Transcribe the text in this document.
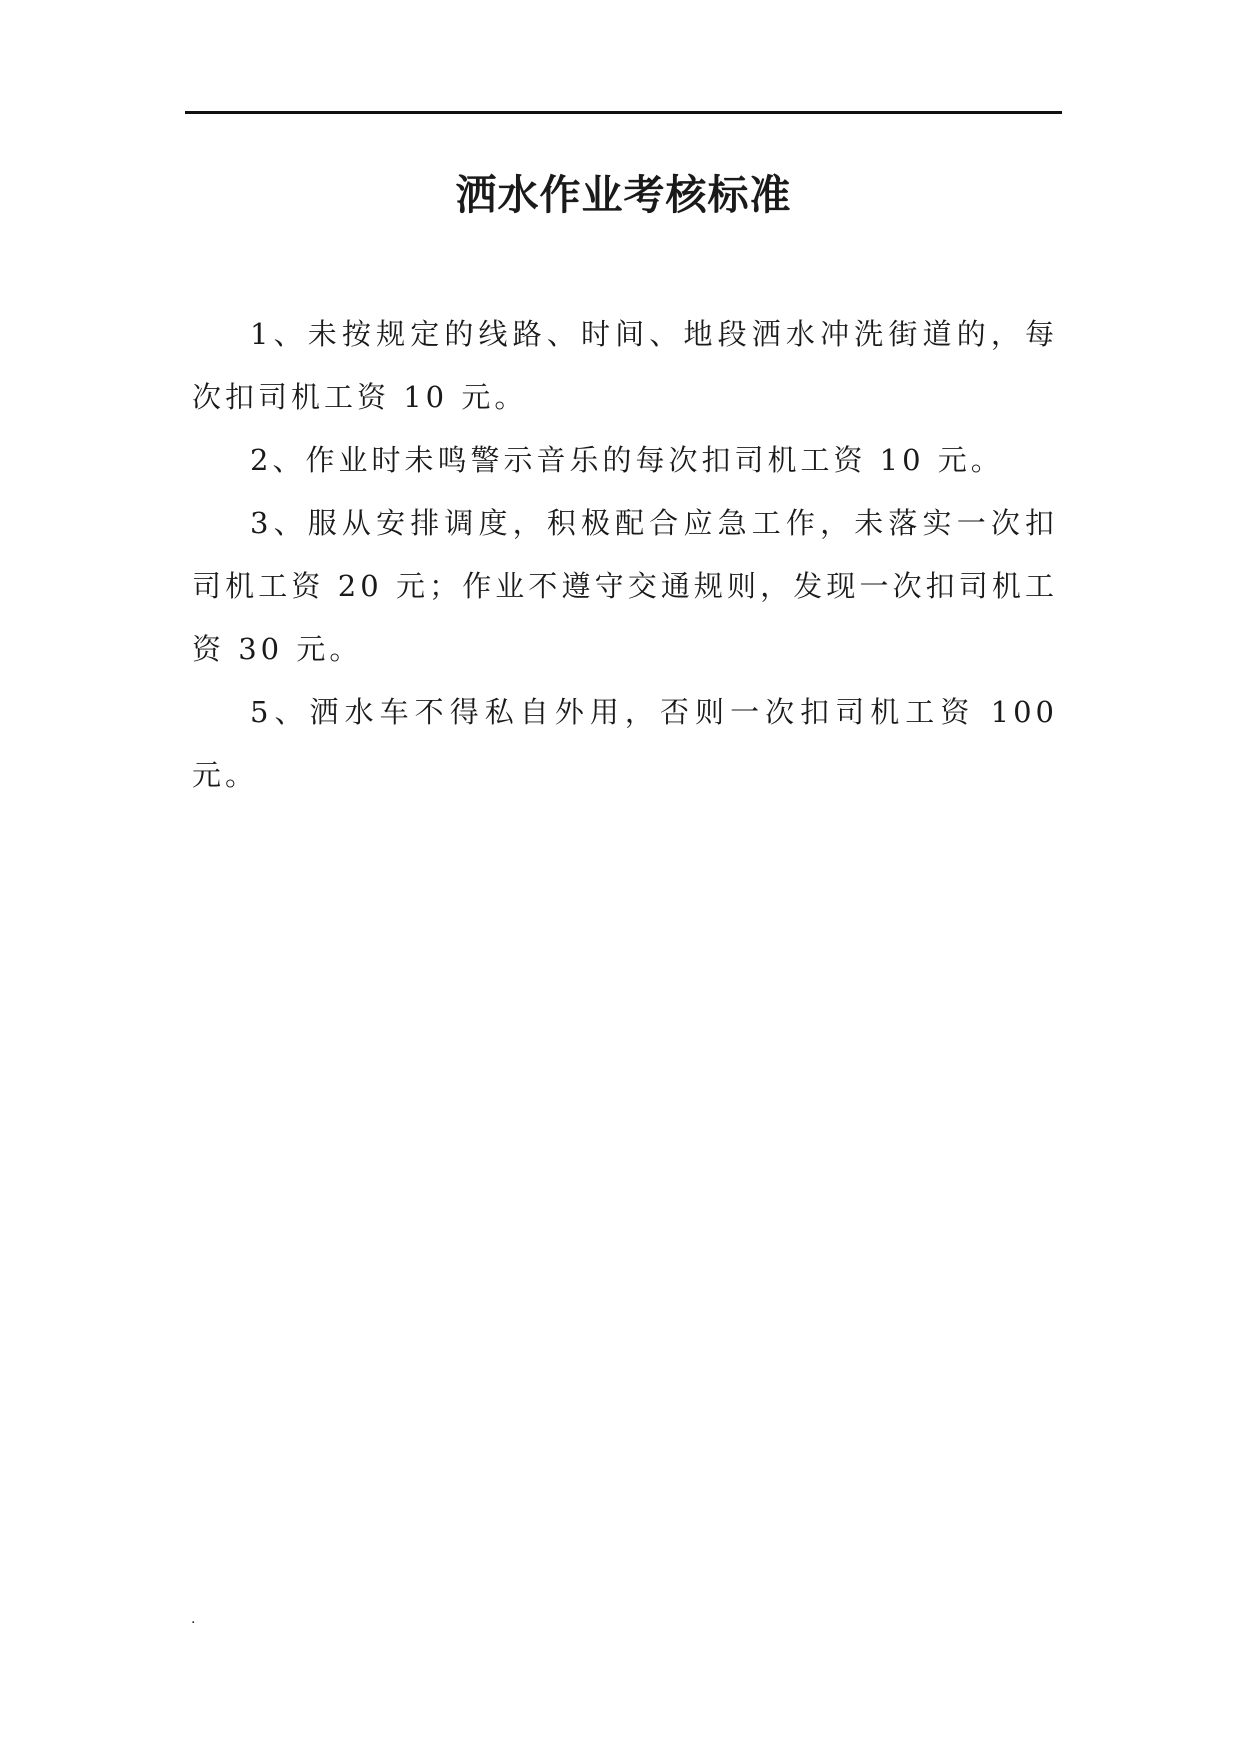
洒水作业考核标准

1、未按规定的线路、时间、地段洒水冲洗街道的，每次扣司机工资 10 元。

2、作业时未鸣警示音乐的每次扣司机工资 10 元。

3、服从安排调度，积极配合应急工作，未落实一次扣司机工资 20 元；作业不遵守交通规则，发现一次扣司机工资 30 元。

5、洒水车不得私自外用，否则一次扣司机工资 100 元。

.
